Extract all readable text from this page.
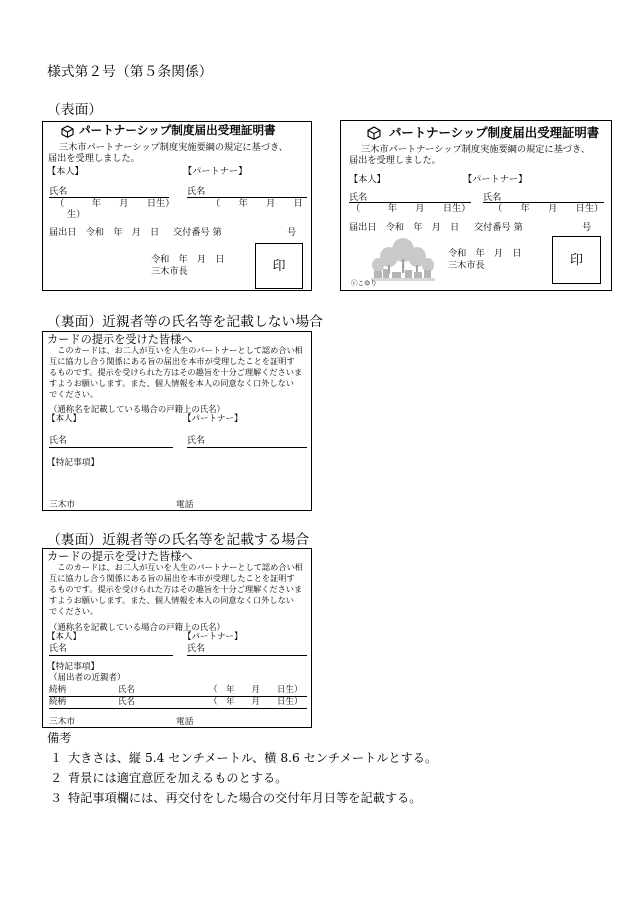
様式第２号（第５条関係）
（表面）
パートナーシップ制度届出受理証明書
三木市パートナーシップ制度実施要綱の規定に基づき、
届出を受理しました。
【本人】	【パートナー】
氏名	氏名
（　　　年　　月　　日生）	（　　年　　月　　日
生）
届出日　令和　年　月　日 交付番号 第	号
令和　年　月　日
三木市長	印
パートナーシップ制度届出受理証明書
三木市パートナーシップ制度実施要綱の規定に基づき、
届出を受理しました。
【本人】	【パートナー】
氏名	氏名
（　　　年　　月　　日生） （　　年　　月　　日生）
届出日　令和　年　月　日 交付番号 第	号
ⓒこゆり
令和　年　月　日
三木市長	印
（裏面）近親者等の氏名等を記載しない場合
カードの提示を受けた皆様へ
　このカードは、お二人が互いを人生のパートナーとして認め合い相
互に協力し合う関係にある旨の届出を本市が受理したことを証明す
るものです。提示を受けられた方はその趣旨を十分ご理解くださいま
すようお願いします。また、個人情報を本人の同意なく口外しない
でください。
（通称名を記載している場合の戸籍上の氏名）
【本人】	【パートナー】
氏名	氏名
【特記事項】
三木市	電話
（裏面）近親者等の氏名等を記載する場合
カードの提示を受けた皆様へ
　このカードは、お二人が互いを人生のパートナーとして認め合い相
互に協力し合う関係にある旨の届出を本市が受理したことを証明す
るものです。提示を受けられた方はその趣旨を十分ご理解くださいま
すようお願いします。また、個人情報を本人の同意なく口外しない
でください。
（通称名を記載している場合の戸籍上の氏名）
【本人】	【パートナー】
氏名	氏名
【特記事項】
（届出者の近親者）
続柄	氏名	（　年　　月　　日生）
続柄	氏名	（　年　　月　　日生）
三木市	電話
備考
１ 大きさは、縦 5.4 センチメートル、横 8.6 センチメートルとする。
２ 背景には適宜意匠を加えるものとする。
３ 特記事項欄には、再交付をした場合の交付年月日等を記載する。
